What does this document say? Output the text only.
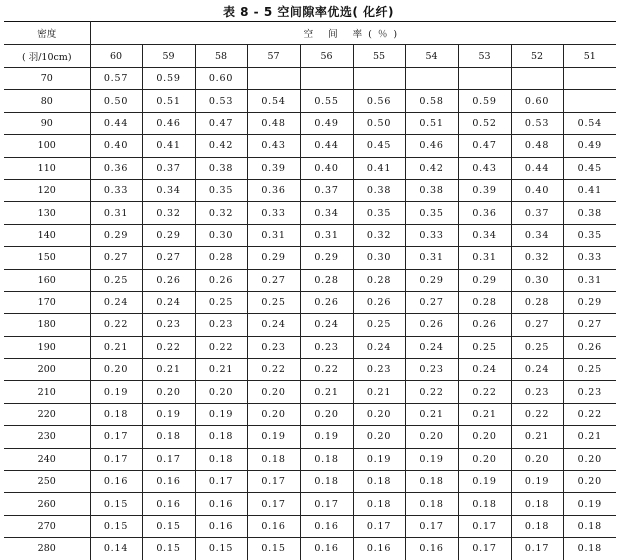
表 8 - 5 空间隙率优选( 化纤)
密度	空 间 率(％)									
( 羽/10cm)	60	59	58	57	56	55	54	53	52	51
70	0.57	0.59	0.60							
80	0.50	0.51	0.53	0.54	0.55	0.56	0.58	0.59	0.60	
90	0.44	0.46	0.47	0.48	0.49	0.50	0.51	0.52	0.53	0.54
100	0.40	0.41	0.42	0.43	0.44	0.45	0.46	0.47	0.48	0.49
110	0.36	0.37	0.38	0.39	0.40	0.41	0.42	0.43	0.44	0.45
120	0.33	0.34	0.35	0.36	0.37	0.38	0.38	0.39	0.40	0.41
130	0.31	0.32	0.32	0.33	0.34	0.35	0.35	0.36	0.37	0.38
140	0.29	0.29	0.30	0.31	0.31	0.32	0.33	0.34	0.34	0.35
150	0.27	0.27	0.28	0.29	0.29	0.30	0.31	0.31	0.32	0.33
160	0.25	0.26	0.26	0.27	0.28	0.28	0.29	0.29	0.30	0.31
170	0.24	0.24	0.25	0.25	0.26	0.26	0.27	0.28	0.28	0.29
180	0.22	0.23	0.23	0.24	0.24	0.25	0.26	0.26	0.27	0.27
190	0.21	0.22	0.22	0.23	0.23	0.24	0.24	0.25	0.25	0.26
200	0.20	0.21	0.21	0.22	0.22	0.23	0.23	0.24	0.24	0.25
210	0.19	0.20	0.20	0.20	0.21	0.21	0.22	0.22	0.23	0.23
220	0.18	0.19	0.19	0.20	0.20	0.20	0.21	0.21	0.22	0.22
230	0.17	0.18	0.18	0.19	0.19	0.20	0.20	0.20	0.21	0.21
240	0.17	0.17	0.18	0.18	0.18	0.19	0.19	0.20	0.20	0.20
250	0.16	0.16	0.17	0.17	0.18	0.18	0.18	0.19	0.19	0.20
260	0.15	0.16	0.16	0.17	0.17	0.18	0.18	0.18	0.18	0.19
270	0.15	0.15	0.16	0.16	0.16	0.17	0.17	0.17	0.18	0.18
280	0.14	0.15	0.15	0.15	0.16	0.16	0.16	0.17	0.17	0.18
